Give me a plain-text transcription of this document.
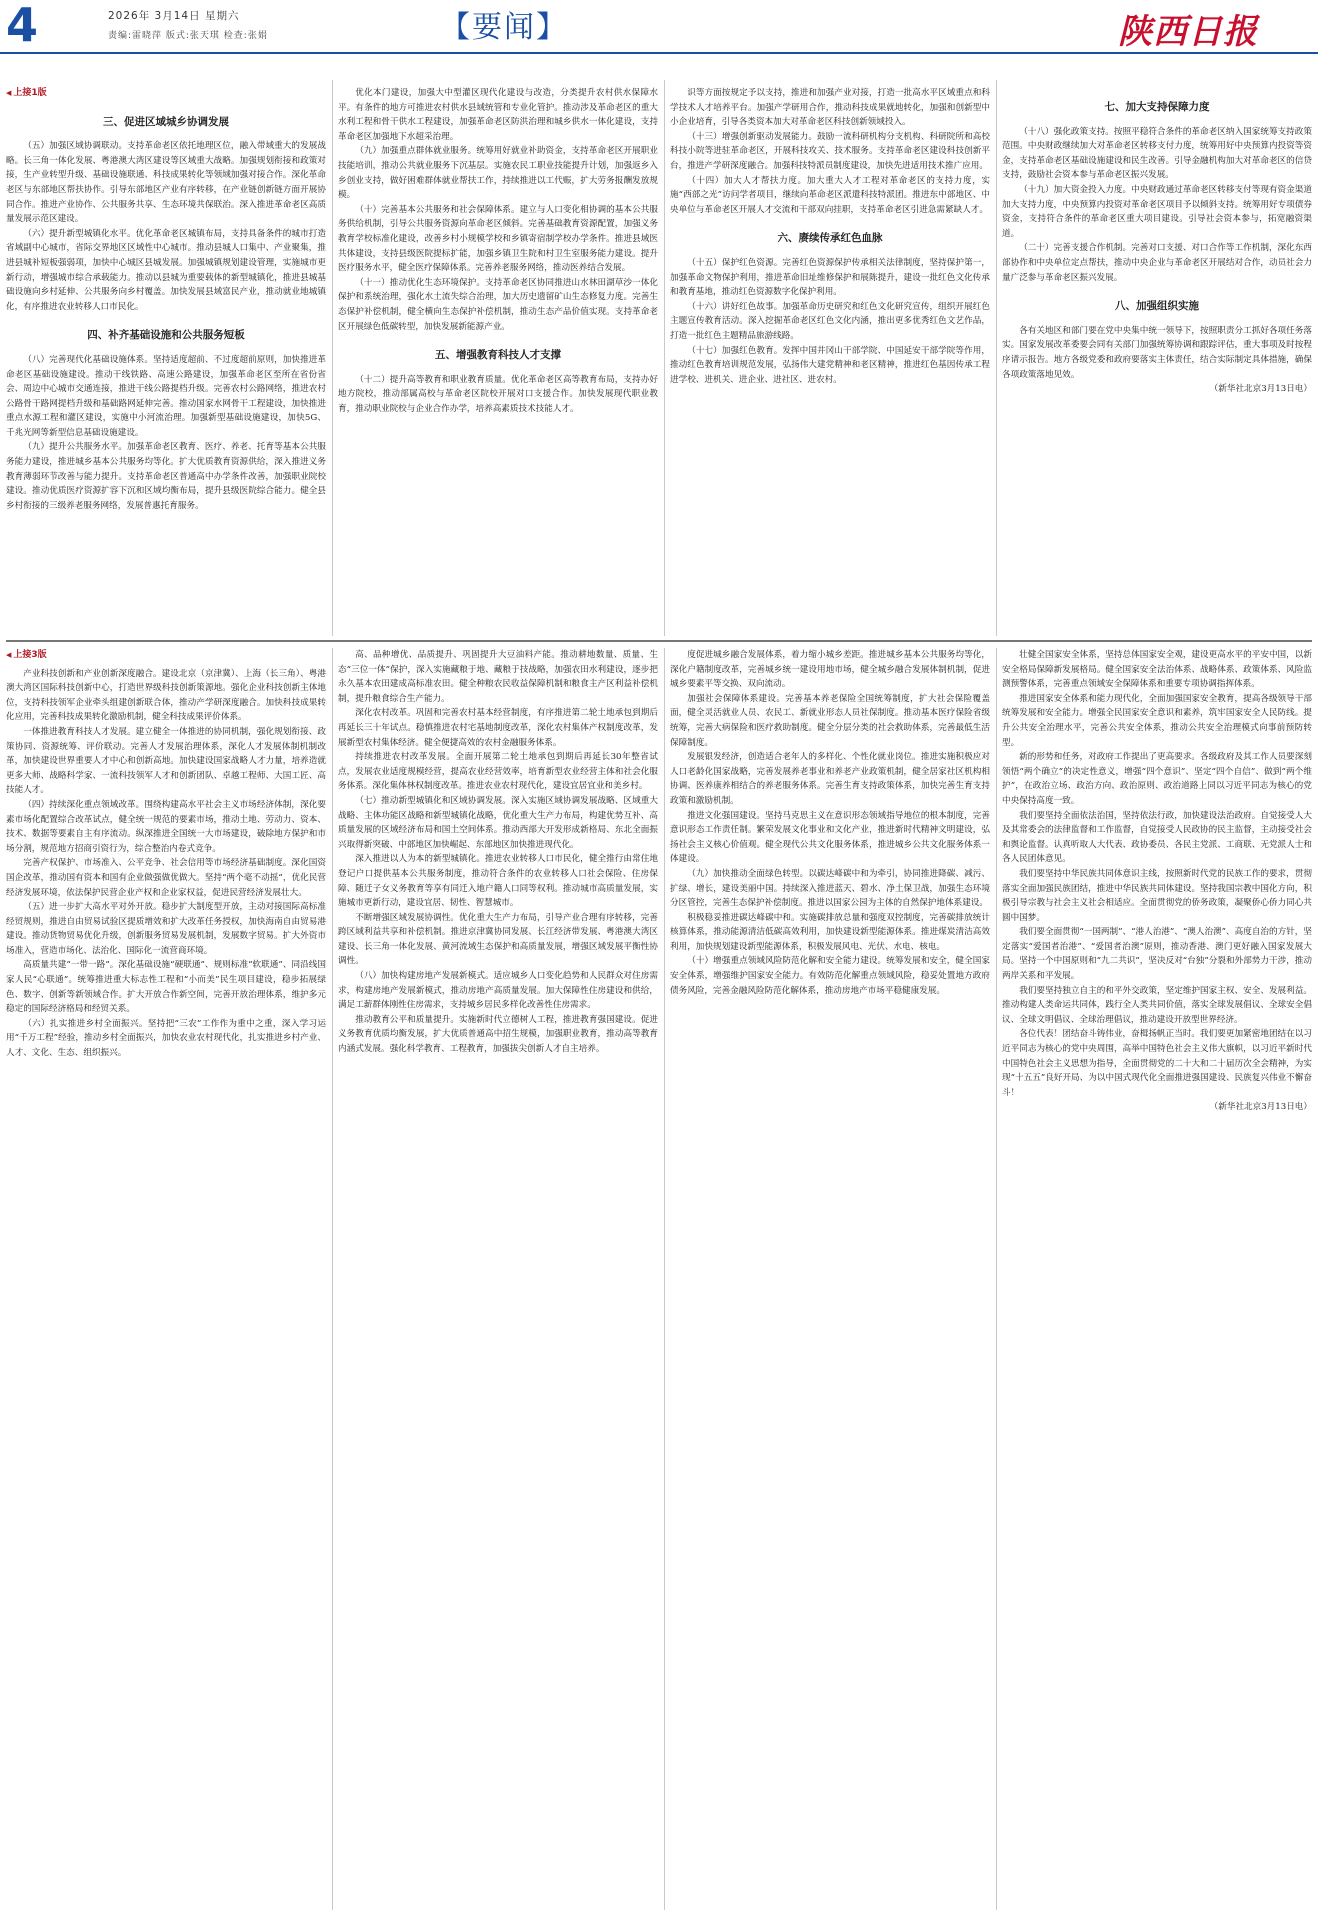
4	2026年 3月14日 星期六
责编:雷晓萍 版式:张天琪 检查:张娟	【要闻】	陕西日报
◀ 上接1版
三、促进区域城乡协调发展

（五）加强区域协调联动。支持革命老区依托地理区位，融入带域重大的发展战略。长三角一体化发展、粤港澳大湾区建设等区域重大战略。加强规划衔接和政策对接，生产业转型升级、基础设施联通、科技成果转化等领域加强对接合作。深化革命老区与东部地区帮扶协作。引导东部地区产业有序转移，在产业链创新链方面开展协同合作。推进产业协作、公共服务共享、生态环境共保联治。深入推进革命老区高质量发展示范区建设。

（六）提升新型城镇化水平。优化革命老区城镇布局，支持具备条件的城市打造省域副中心城市，省际交界地区区域性中心城市。推动县城人口集中、产业聚集，推进县城补短板强弱项，加快中心城区县城发展。加强城镇规划建设管理，实施城市更新行动，增强城市综合承载能力。推动以县城为重要载体的新型城镇化，推进县城基础设施向乡村延伸、公共服务向乡村覆盖。加快发展县域富民产业，推动就业地城镇化，有序推进农业转移人口市民化。

四、补齐基础设施和公共服务短板

（八）完善现代化基础设施体系。坚持适度超前、不过度超前原则，加快推进革命老区基础设施建设。推动干线铁路、高速公路建设，加强革命老区至所在省份省会、周边中心城市交通连接，推进干线公路提档升级。完善农村公路网络，推进农村公路骨干路网提档升级和基础路网延伸完善。推动国家水网骨干工程建设，加快推进重点水源工程和灌区建设，实施中小河流治理。加强新型基础设施建设，加快5G、千兆光网等新型信息基础设施建设。

（九）提升公共服务水平。加强革命老区教育、医疗、养老、托育等基本公共服务能力建设，推进城乡基本公共服务均等化。扩大优质教育资源供给，深入推进义务教育薄弱环节改善与能力提升。支持革命老区普通高中办学条件改善，加强职业院校建设。推动优质医疗资源扩容下沉和区域均衡布局，提升县级医院综合能力。健全县乡村衔接的三级养老服务网络，发展普惠托育服务。

优化本门建设，加强大中型灌区现代化建设与改造，分类提升农村供水保障水平。有条件的地方可推进农村供水县域统管和专业化管护。推动涉及革命老区的重大水利工程和骨干供水工程建设，加强革命老区防洪治理和城乡供水一体化建设，支持革命老区加强地下水超采治理。

（九）加强重点群体就业服务。统筹用好就业补助资金，支持革命老区开展职业技能培训，推动公共就业服务下沉基层。实施农民工职业技能提升计划，加强返乡入乡创业支持，做好困难群体就业帮扶工作，持续推进以工代赈，扩大劳务报酬发放规模。

（十）完善基本公共服务和社会保障体系。建立与人口变化相协调的基本公共服务供给机制，引导公共服务资源向革命老区倾斜。完善基础教育资源配置，加强义务教育学校标准化建设，改善乡村小规模学校和乡镇寄宿制学校办学条件。推进县域医共体建设，支持县级医院提标扩能，加强乡镇卫生院和村卫生室服务能力建设。提升医疗服务水平，健全医疗保障体系。完善养老服务网络，推动医养结合发展。

（十一）推动优化生态环境保护。支持革命老区协同推进山水林田湖草沙一体化保护和系统治理，强化水土流失综合治理，加大历史遗留矿山生态修复力度。完善生态保护补偿机制，健全横向生态保护补偿机制，推动生态产品价值实现。支持革命老区开展绿色低碳转型，加快发展新能源产业。

五、增强教育科技人才支撑

（十二）提升高等教育和职业教育质量。优化革命老区高等教育布局，支持办好地方院校，推动部属高校与革命老区院校开展对口支援合作。加快发展现代职业教育，推动职业院校与企业合作办学，培养高素质技术技能人才。

识等方面按规定予以支持，推进和加强产业对接，打造一批高水平区域重点和科学技术人才培养平台。加强产学研用合作，推动科技成果就地转化，加强和创新型中小企业培育，引导各类资本加大对革命老区科技创新领域投入。

（十三）增强创新驱动发展能力。鼓励一流科研机构分支机构、科研院所和高校科技小院等进驻革命老区，开展科技攻关、技术服务。支持革命老区建设科技创新平台，推进产学研深度融合。加强科技特派员制度建设，加快先进适用技术推广应用。

（十四）加大人才帮扶力度。加大重大人才工程对革命老区的支持力度，实施“西部之光”访问学者项目，继续向革命老区派遣科技特派团。推进东中部地区、中央单位与革命老区开展人才交流和干部双向挂职，支持革命老区引进急需紧缺人才。

六、赓续传承红色血脉

（十五）保护红色资源。完善红色资源保护传承相关法律制度，坚持保护第一，加强革命文物保护利用，推进革命旧址维修保护和展陈提升，建设一批红色文化传承和教育基地，推动红色资源数字化保护利用。

（十六）讲好红色故事。加强革命历史研究和红色文化研究宣传，组织开展红色主题宣传教育活动。深入挖掘革命老区红色文化内涵，推出更多优秀红色文艺作品，打造一批红色主题精品旅游线路。

（十七）加强红色教育。发挥中国井冈山干部学院、中国延安干部学院等作用，推动红色教育培训规范发展，弘扬伟大建党精神和老区精神，推进红色基因传承工程进学校、进机关、进企业、进社区、进农村。

七、加大支持保障力度

（十八）强化政策支持。按照平稳符合条件的革命老区纳入国家统筹支持政策范围。中央财政继续加大对革命老区转移支付力度，统筹用好中央预算内投资等资金，支持革命老区基础设施建设和民生改善。引导金融机构加大对革命老区的信贷支持，鼓励社会资本参与革命老区振兴发展。

（十九）加大资金投入力度。中央财政通过革命老区转移支付等现有资金渠道加大支持力度，中央预算内投资对革命老区项目予以倾斜支持。统筹用好专项债券资金，支持符合条件的革命老区重大项目建设。引导社会资本参与，拓宽融资渠道。

（二十）完善支援合作机制。完善对口支援、对口合作等工作机制，深化东西部协作和中央单位定点帮扶，推动中央企业与革命老区开展结对合作，动员社会力量广泛参与革命老区振兴发展。

八、加强组织实施

各有关地区和部门要在党中央集中统一领导下，按照职责分工抓好各项任务落实。国家发展改革委要会同有关部门加强统筹协调和跟踪评估，重大事项及时按程序请示报告。地方各级党委和政府要落实主体责任，结合实际制定具体措施，确保各项政策落地见效。

（新华社北京3月13日电）

◀ 上接3版

产业科技创新和产业创新深度融合。建设北京（京津冀）、上海（长三角）、粤港澳大湾区国际科技创新中心，打造世界级科技创新策源地。强化企业科技创新主体地位，支持科技领军企业牵头组建创新联合体，推动产学研深度融合。加快科技成果转化应用，完善科技成果转化激励机制，健全科技成果评价体系。

一体推进教育科技人才发展。建立健全一体推进的协同机制，强化规划衔接、政策协同、资源统筹、评价联动。完善人才发展治理体系，深化人才发展体制机制改革，加快建设世界重要人才中心和创新高地。加快建设国家战略人才力量，培养造就更多大师、战略科学家、一流科技领军人才和创新团队、卓越工程师、大国工匠、高技能人才。

（四）持续深化重点领域改革。围绕构建高水平社会主义市场经济体制，深化要素市场化配置综合改革试点，健全统一规范的要素市场，推动土地、劳动力、资本、技术、数据等要素自主有序流动。纵深推进全国统一大市场建设，破除地方保护和市场分割，规范地方招商引资行为，综合整治内卷式竞争。

完善产权保护、市场准入、公平竞争、社会信用等市场经济基础制度。深化国资国企改革，推动国有资本和国有企业做强做优做大。坚持“两个毫不动摇”，优化民营经济发展环境，依法保护民营企业产权和企业家权益，促进民营经济发展壮大。

（五）进一步扩大高水平对外开放。稳步扩大制度型开放，主动对接国际高标准经贸规则，推进自由贸易试验区提质增效和扩大改革任务授权，加快海南自由贸易港建设。推动货物贸易优化升级，创新服务贸易发展机制，发展数字贸易。扩大外资市场准入，营造市场化、法治化、国际化一流营商环境。

高质量共建“一带一路”。深化基础设施“硬联通”、规则标准“软联通”、同沿线国家人民“心联通”。统筹推进重大标志性工程和“小而美”民生项目建设，稳步拓展绿色、数字、创新等新领域合作。扩大开放合作新空间，完善开放治理体系，维护多元稳定的国际经济格局和经贸关系。

（六）扎实推进乡村全面振兴。坚持把“三农”工作作为重中之重，深入学习运用“千万工程”经验，推动乡村全面振兴，加快农业农村现代化，扎实推进乡村产业、人才、文化、生态、组织振兴。

高、品种增优、品质提升、巩固提升大豆油料产能。推动耕地数量、质量、生态“三位一体”保护，深入实施藏粮于地、藏粮于技战略，加强农田水利建设，逐步把永久基本农田建成高标准农田。健全种粮农民收益保障机制和粮食主产区利益补偿机制，提升粮食综合生产能力。

深化农村改革。巩固和完善农村基本经营制度，有序推进第二轮土地承包到期后再延长三十年试点。稳慎推进农村宅基地制度改革，深化农村集体产权制度改革，发展新型农村集体经济。健全便捷高效的农村金融服务体系。

持续推进农村改革发展。全面开展第二轮土地承包到期后再延长30年整省试点，发展农业适度规模经营，提高农业经营效率，培育新型农业经营主体和社会化服务体系。深化集体林权制度改革。推进农业农村现代化，建设宜居宜业和美乡村。

（七）推动新型城镇化和区域协调发展。深入实施区域协调发展战略、区域重大战略、主体功能区战略和新型城镇化战略，优化重大生产力布局，构建优势互补、高质量发展的区域经济布局和国土空间体系。推动西部大开发形成新格局、东北全面振兴取得新突破、中部地区加快崛起、东部地区加快推进现代化。

深入推进以人为本的新型城镇化。推进农业转移人口市民化，健全推行由常住地登记户口提供基本公共服务制度，推动符合条件的农业转移人口社会保险、住房保障、随迁子女义务教育等享有同迁入地户籍人口同等权利。推动城市高质量发展，实施城市更新行动，建设宜居、韧性、智慧城市。

不断增强区域发展协调性。优化重大生产力布局，引导产业合理有序转移，完善跨区域利益共享和补偿机制。推进京津冀协同发展、长江经济带发展、粤港澳大湾区建设、长三角一体化发展、黄河流域生态保护和高质量发展，增强区域发展平衡性协调性。

（八）加快构建房地产发展新模式。适应城乡人口变化趋势和人民群众对住房需求，构建房地产发展新模式，推动房地产高质量发展。加大保障性住房建设和供给，满足工薪群体刚性住房需求，支持城乡居民多样化改善性住房需求。

推动教育公平和质量提升。实施新时代立德树人工程，推进教育强国建设。促进义务教育优质均衡发展，扩大优质普通高中招生规模，加强职业教育，推动高等教育内涵式发展。强化科学教育、工程教育，加强拔尖创新人才自主培养。

度促进城乡融合发展体系，着力缩小城乡差距。推进城乡基本公共服务均等化，深化户籍制度改革，完善城乡统一建设用地市场，健全城乡融合发展体制机制，促进城乡要素平等交换、双向流动。

加强社会保障体系建设。完善基本养老保险全国统筹制度，扩大社会保险覆盖面，健全灵活就业人员、农民工、新就业形态人员社保制度。推动基本医疗保险省级统筹，完善大病保险和医疗救助制度。健全分层分类的社会救助体系，完善最低生活保障制度。

发展银发经济，创造适合老年人的多样化、个性化就业岗位。推进实施积极应对人口老龄化国家战略，完善发展养老事业和养老产业政策机制，健全居家社区机构相协调、医养康养相结合的养老服务体系。完善生育支持政策体系，加快完善生育支持政策和激励机制。

推进文化强国建设。坚持马克思主义在意识形态领域指导地位的根本制度，完善意识形态工作责任制。繁荣发展文化事业和文化产业，推进新时代精神文明建设，弘扬社会主义核心价值观。健全现代公共文化服务体系，推进城乡公共文化服务体系一体建设。

（九）加快推动全面绿色转型。以碳达峰碳中和为牵引，协同推进降碳、减污、扩绿、增长，建设美丽中国。持续深入推进蓝天、碧水、净土保卫战，加强生态环境分区管控，完善生态保护补偿制度。推进以国家公园为主体的自然保护地体系建设。

积极稳妥推进碳达峰碳中和。实施碳排放总量和强度双控制度，完善碳排放统计核算体系，推动能源清洁低碳高效利用，加快建设新型能源体系。推进煤炭清洁高效利用，加快规划建设新型能源体系，积极发展风电、光伏、水电、核电。

（十）增强重点领域风险防范化解和安全能力建设。统筹发展和安全，健全国家安全体系，增强维护国家安全能力。有效防范化解重点领域风险，稳妥处置地方政府债务风险，完善金融风险防范化解体系，推动房地产市场平稳健康发展。

壮健全国家安全体系，坚持总体国家安全观，建设更高水平的平安中国，以新安全格局保障新发展格局。健全国家安全法治体系、战略体系、政策体系、风险监测预警体系，完善重点领域安全保障体系和重要专项协调指挥体系。

推进国家安全体系和能力现代化，全面加强国家安全教育，提高各级领导干部统筹发展和安全能力。增强全民国家安全意识和素养，筑牢国家安全人民防线。提升公共安全治理水平，完善公共安全体系，推动公共安全治理模式向事前预防转型。

新的形势和任务，对政府工作提出了更高要求。各级政府及其工作人员要深刻领悟“两个确立”的决定性意义，增强“四个意识”、坚定“四个自信”、做到“两个维护”，在政治立场、政治方向、政治原则、政治道路上同以习近平同志为核心的党中央保持高度一致。

我们要坚持全面依法治国，坚持依法行政，加快建设法治政府。自觉接受人大及其常委会的法律监督和工作监督，自觉接受人民政协的民主监督，主动接受社会和舆论监督。认真听取人大代表、政协委员、各民主党派、工商联、无党派人士和各人民团体意见。

我们要坚持中华民族共同体意识主线，按照新时代党的民族工作的要求，贯彻落实全面加强民族团结，推进中华民族共同体建设。坚持我国宗教中国化方向，积极引导宗教与社会主义社会相适应。全面贯彻党的侨务政策，凝聚侨心侨力同心共圆中国梦。

我们要全面贯彻“一国两制”、“港人治港”、“澳人治澳”、高度自治的方针，坚定落实“爱国者治港”、“爱国者治澳”原则，推动香港、澳门更好融入国家发展大局。坚持一个中国原则和“九二共识”，坚决反对“台独”分裂和外部势力干涉，推动两岸关系和平发展。

我们要坚持独立自主的和平外交政策，坚定维护国家主权、安全、发展利益。推动构建人类命运共同体，践行全人类共同价值，落实全球发展倡议、全球安全倡议、全球文明倡议、全球治理倡议，推动建设开放型世界经济。

各位代表！团结奋斗铸伟业，奋楫扬帆正当时。我们要更加紧密地团结在以习近平同志为核心的党中央周围，高举中国特色社会主义伟大旗帜，以习近平新时代中国特色社会主义思想为指导，全面贯彻党的二十大和二十届历次全会精神，为实现“十五五”良好开局、为以中国式现代化全面推进强国建设、民族复兴伟业不懈奋斗！

（新华社北京3月13日电）
